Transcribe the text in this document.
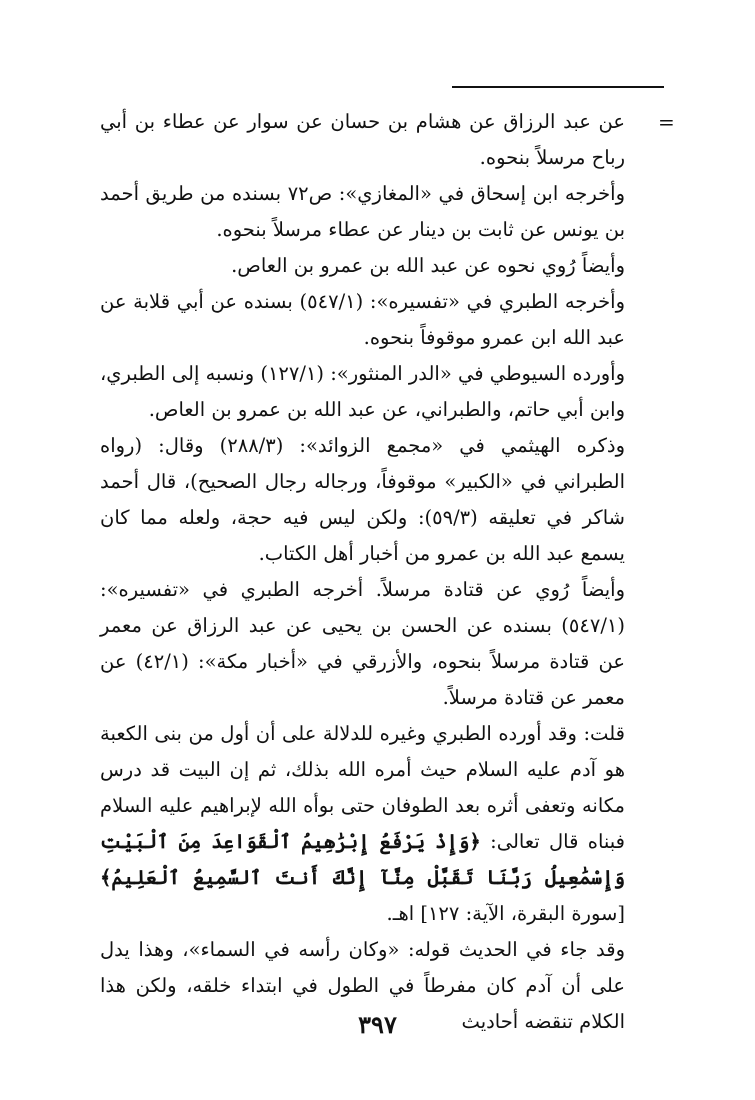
=

عن عبد الرزاق عن هشام بن حسان عن سوار عن عطاء بن أبي رباح مرسلاً بنحوه.

وأخرجه ابن إسحاق في «المغازي»: ص٧٢ بسنده من طريق أحمد بن يونس عن ثابت بن دينار عن عطاء مرسلاً بنحوه.

وأيضاً رُوي نحوه عن عبد الله بن عمرو بن العاص.

وأخرجه الطبري في «تفسيره»: (٥٤٧/١) بسنده عن أبي قلابة عن عبد الله ابن عمرو موقوفاً بنحوه.

وأورده السيوطي في «الدر المنثور»: (١٢٧/١) ونسبه إلى الطبري، وابن أبي حاتم، والطبراني، عن عبد الله بن عمرو بن العاص.

وذكره الهيثمي في «مجمع الزوائد»: (٢٨٨/٣) وقال: (رواه الطبراني في «الكبير» موقوفاً، ورجاله رجال الصحيح)، قال أحمد شاكر في تعليقه (٥٩/٣): ولكن ليس فيه حجة، ولعله مما كان يسمع عبد الله بن عمرو من أخبار أهل الكتاب.

وأيضاً رُوي عن قتادة مرسلاً. أخرجه الطبري في «تفسيره»: (٥٤٧/١) بسنده عن الحسن بن يحيى عن عبد الرزاق عن معمر عن قتادة مرسلاً بنحوه، والأزرقي في «أخبار مكة»: (٤٢/١) عن معمر عن قتادة مرسلاً.

قلت: وقد أورده الطبري وغيره للدلالة على أن أول من بنى الكعبة هو آدم عليه السلام حيث أمره الله بذلك، ثم إن البيت قد درس مكانه وتعفى أثره بعد الطوفان حتى بوأه الله لإبراهيم عليه السلام فبناه قال تعالى: ﴿وَإِذْ يَرْفَعُ إِبْرَٰهِيمُ ٱلْقَوَاعِدَ مِنَ ٱلْبَيْتِ وَإِسْمَٰعِيلُ رَبَّنَا تَقَبَّلْ مِنَّآ إِنَّكَ أَنتَ ٱلسَّمِيعُ ٱلْعَلِيمُ﴾ [سورة البقرة، الآية: ١٢٧] اهـ.

وقد جاء في الحديث قوله: «وكان رأسه في السماء»، وهذا يدل على أن آدم كان مفرطاً في الطول في ابتداء خلقه، ولكن هذا الكلام تنقضه أحاديث

٣٩٧
